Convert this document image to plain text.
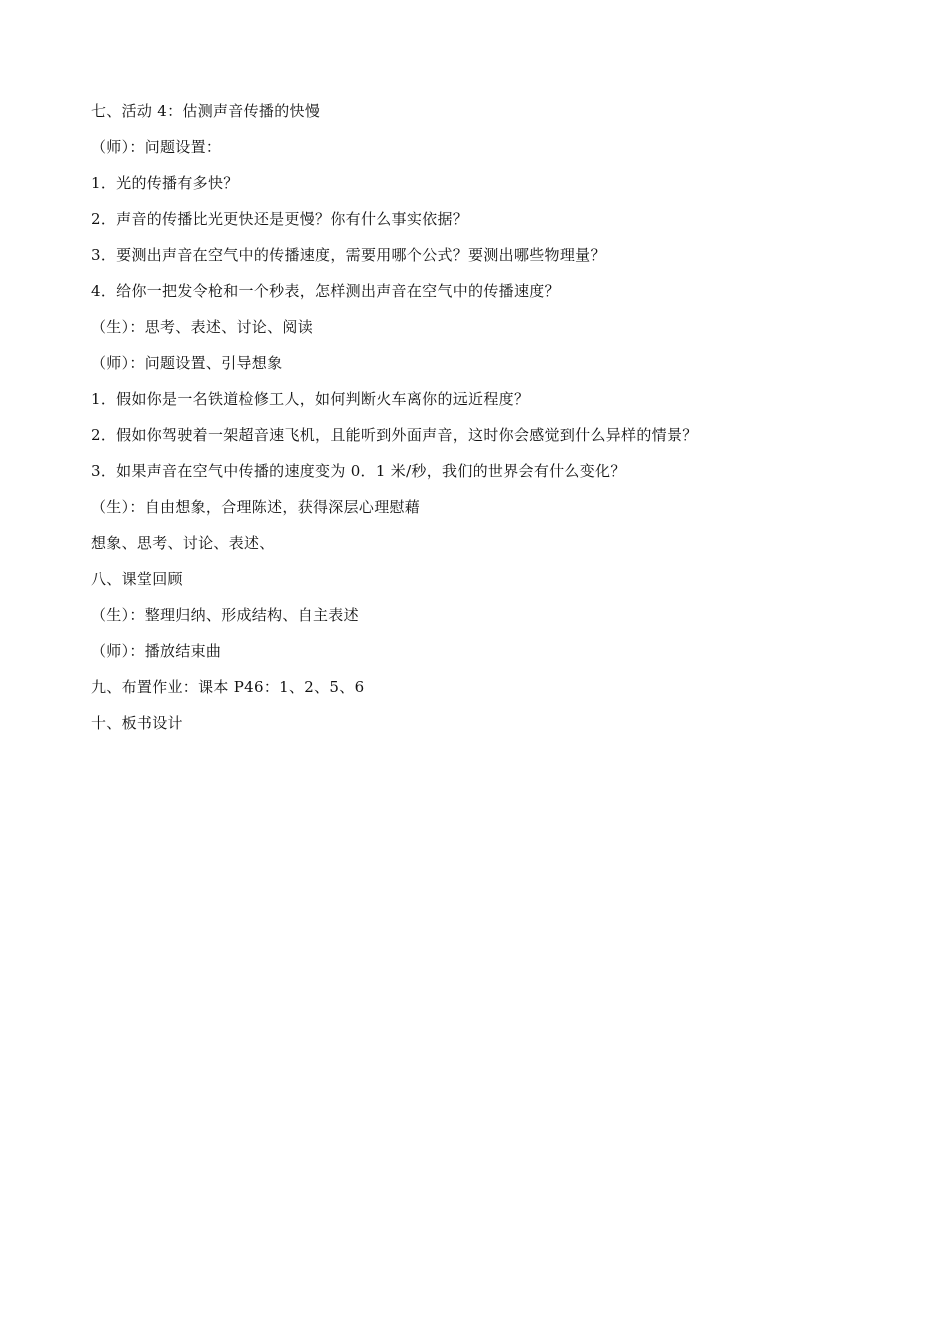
七、活动 4：估测声音传播的快慢
（师）：问题设置：
1．光的传播有多快？
2．声音的传播比光更快还是更慢？你有什么事实依据？
3．要测出声音在空气中的传播速度，需要用哪个公式？要测出哪些物理量？
4．给你一把发令枪和一个秒表，怎样测出声音在空气中的传播速度？
（生）：思考、表述、讨论、阅读
（师）：问题设置、引导想象
1．假如你是一名铁道检修工人，如何判断火车离你的远近程度？
2．假如你驾驶着一架超音速飞机，且能听到外面声音，这时你会感觉到什么异样的情景？
3．如果声音在空气中传播的速度变为 0．1 米/秒，我们的世界会有什么变化？
（生）：自由想象，合理陈述，获得深层心理慰藉
想象、思考、讨论、表述、
八、课堂回顾
（生）：整理归纳、形成结构、自主表述
（师）：播放结束曲
九、布置作业：课本 P46：1、2、5、6
十、板书设计
